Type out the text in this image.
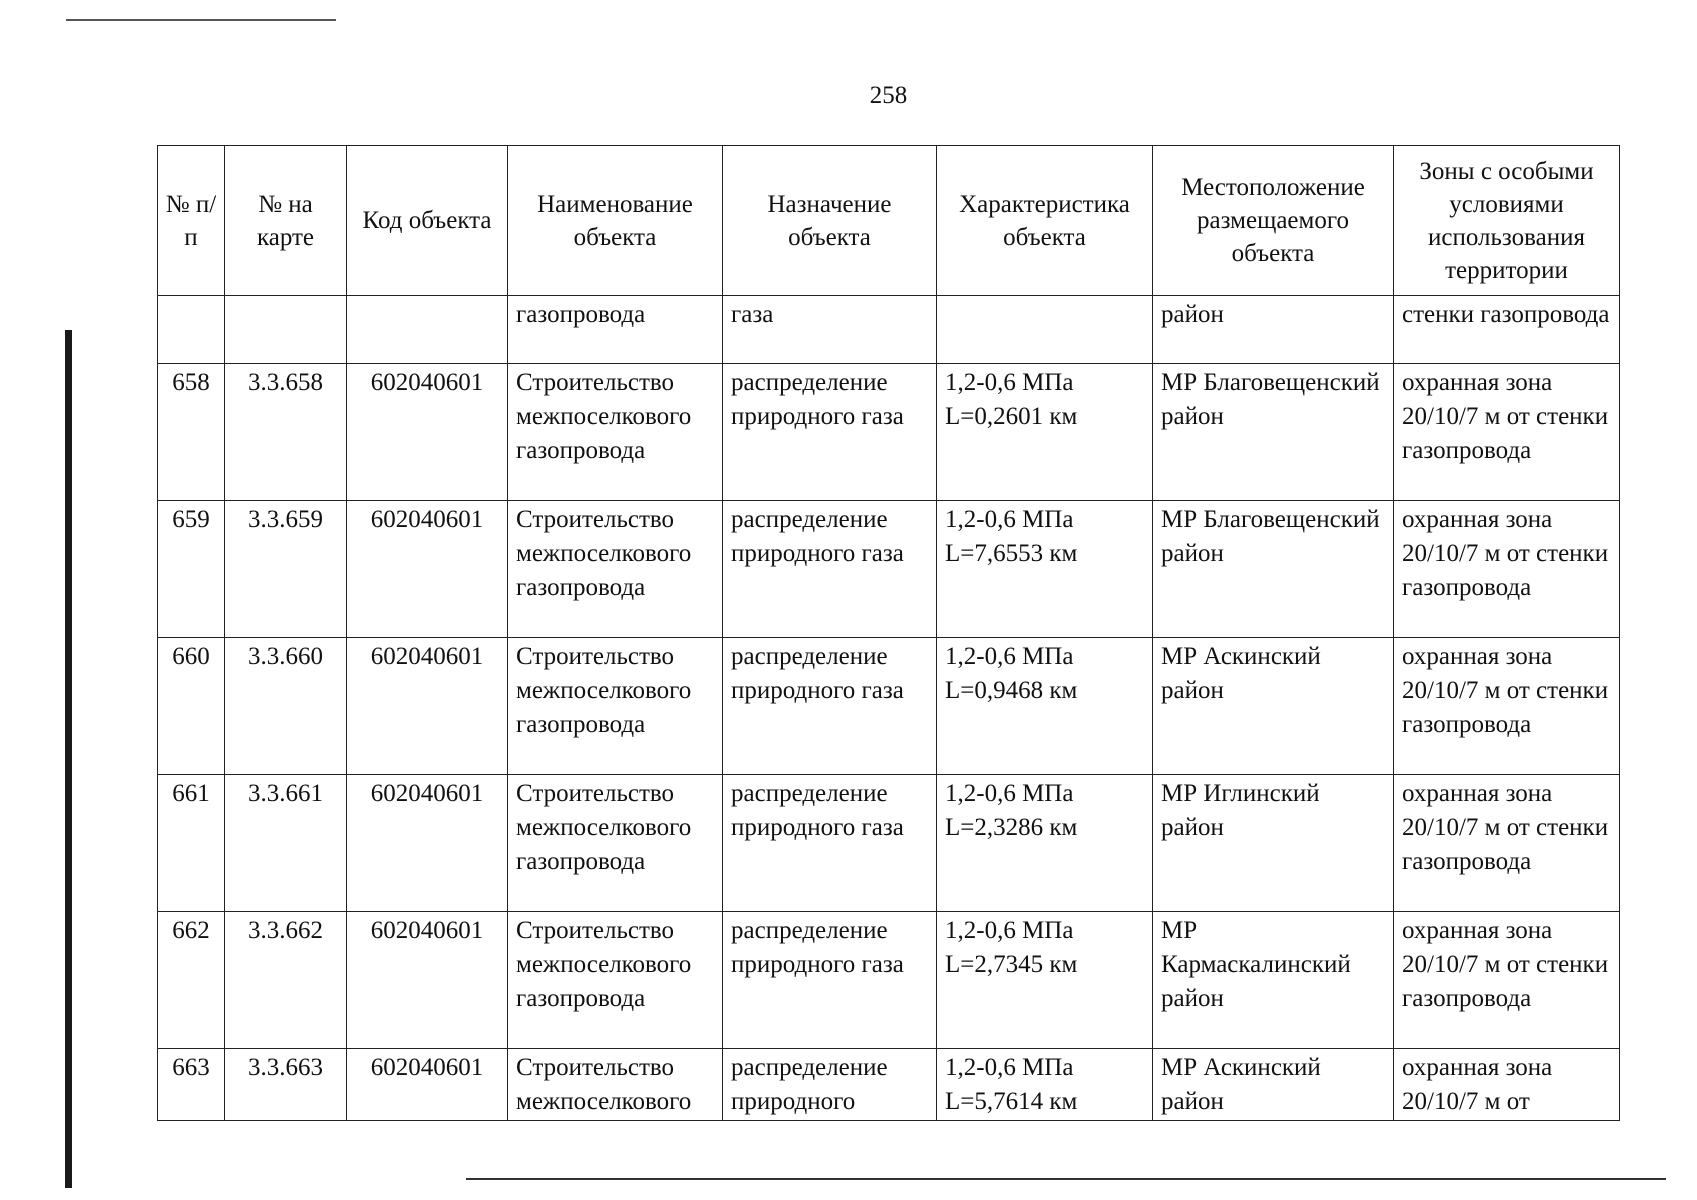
258
№ п/п	№ на карте	Код объекта	Наименование объекта	Назначение объекта	Характеристика объекта	Местоположение размещаемого объекта	Зоны с особыми условиями использования территории
			газопровода	газа		район	стенки газопровода
658	3.3.658	602040601	Строительство межпоселкового газопровода	распределение природного газа	1,2-0,6 МПа L=0,2601 км	МР Благовещенский район	охранная зона 20/10/7 м от стенки газопровода
659	3.3.659	602040601	Строительство межпоселкового газопровода	распределение природного газа	1,2-0,6 МПа L=7,6553 км	МР Благовещенский район	охранная зона 20/10/7 м от стенки газопровода
660	3.3.660	602040601	Строительство межпоселкового газопровода	распределение природного газа	1,2-0,6 МПа L=0,9468 км	МР Аскинский район	охранная зона 20/10/7 м от стенки газопровода
661	3.3.661	602040601	Строительство межпоселкового газопровода	распределение природного газа	1,2-0,6 МПа L=2,3286 км	МР Иглинский район	охранная зона 20/10/7 м от стенки газопровода
662	3.3.662	602040601	Строительство межпоселкового газопровода	распределение природного газа	1,2-0,6 МПа L=2,7345 км	МР Кармаскалинский район	охранная зона 20/10/7 м от стенки газопровода
663	3.3.663	602040601	Строительство межпоселкового	распределение природного	1,2-0,6 МПа L=5,7614 км	МР Аскинский район	охранная зона 20/10/7 м от
